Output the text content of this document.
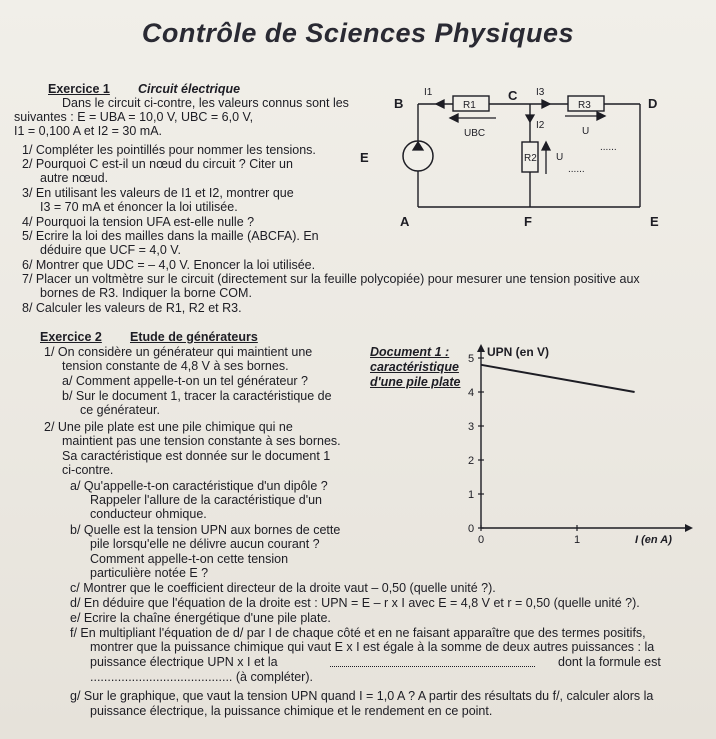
Contrôle de Sciences Physiques
Exercice 1 Circuit électrique
Dans le circuit ci-contre, les valeurs connus sont les
suivantes : E = UBA = 10,0 V, UBC = 6,0 V,
I1 = 0,100 A et I2 = 30 mA.
1/ Compléter les pointillés pour nommer les tensions.
2/ Pourquoi C est-il un nœud du circuit ? Citer un
autre nœud.
3/ En utilisant les valeurs de I1 et I2, montrer que
I3 = 70 mA et énoncer la loi utilisée.
4/ Pourquoi la tension UFA est-elle nulle ?
5/ Ecrire la loi des mailles dans la maille (ABCFA). En
déduire que UCF = 4,0 V.
6/ Montrer que UDC = – 4,0 V. Enoncer la loi utilisée.
7/ Placer un voltmètre sur le circuit (directement sur la feuille polycopiée) pour mesurer une tension positive aux
bornes de R3. Indiquer la borne COM.
8/ Calculer les valeurs de R1, R2 et R3.
B
C
D
E
A	F	E
I1	I3
I2
R1	R3
R2
UBC	U
......
U
......
Exercice 2 Etude de générateurs
1/ On considère un générateur qui maintient une
tension constante de 4,8 V à ses bornes.
a/ Comment appelle-t-on un tel générateur ?
b/ Sur le document 1, tracer la caractéristique de
ce générateur.
2/ Une pile plate est une pile chimique qui ne
maintient pas une tension constante à ses bornes.
Sa caractéristique est donnée sur le document 1
ci-contre.
a/ Qu'appelle-t-on caractéristique d'un dipôle ?
Rappeler l'allure de la caractéristique d'un
conducteur ohmique.
b/ Quelle est la tension UPN aux bornes de cette
pile lorsqu'elle ne délivre aucun courant ?
Comment appelle-t-on cette tension
particulière notée E ?
c/ Montrer que le coefficient directeur de la droite vaut – 0,50 (quelle unité ?).
d/ En déduire que l'équation de la droite est : UPN = E – r x I avec E = 4,8 V et r = 0,50 (quelle unité ?).
e/ Ecrire la chaîne énergétique d'une pile plate.
f/ En multipliant l'équation de d/ par I de chaque côté et en ne faisant apparaître que des termes positifs,
montrer que la puissance chimique qui vaut E x I est égale à la somme de deux autres puissances : la
puissance électrique UPN x I et la	dont la formule est
......................................... (à compléter).
g/ Sur le graphique, que vaut la tension UPN quand I = 1,0 A ? A partir des résultats du f/, calculer alors la
puissance électrique, la puissance chimique et le rendement en ce point.
Document 1 :
caractéristique
d'une pile plate
0
1
2
3
4
5
0	1
UPN (en V)
I (en A)
